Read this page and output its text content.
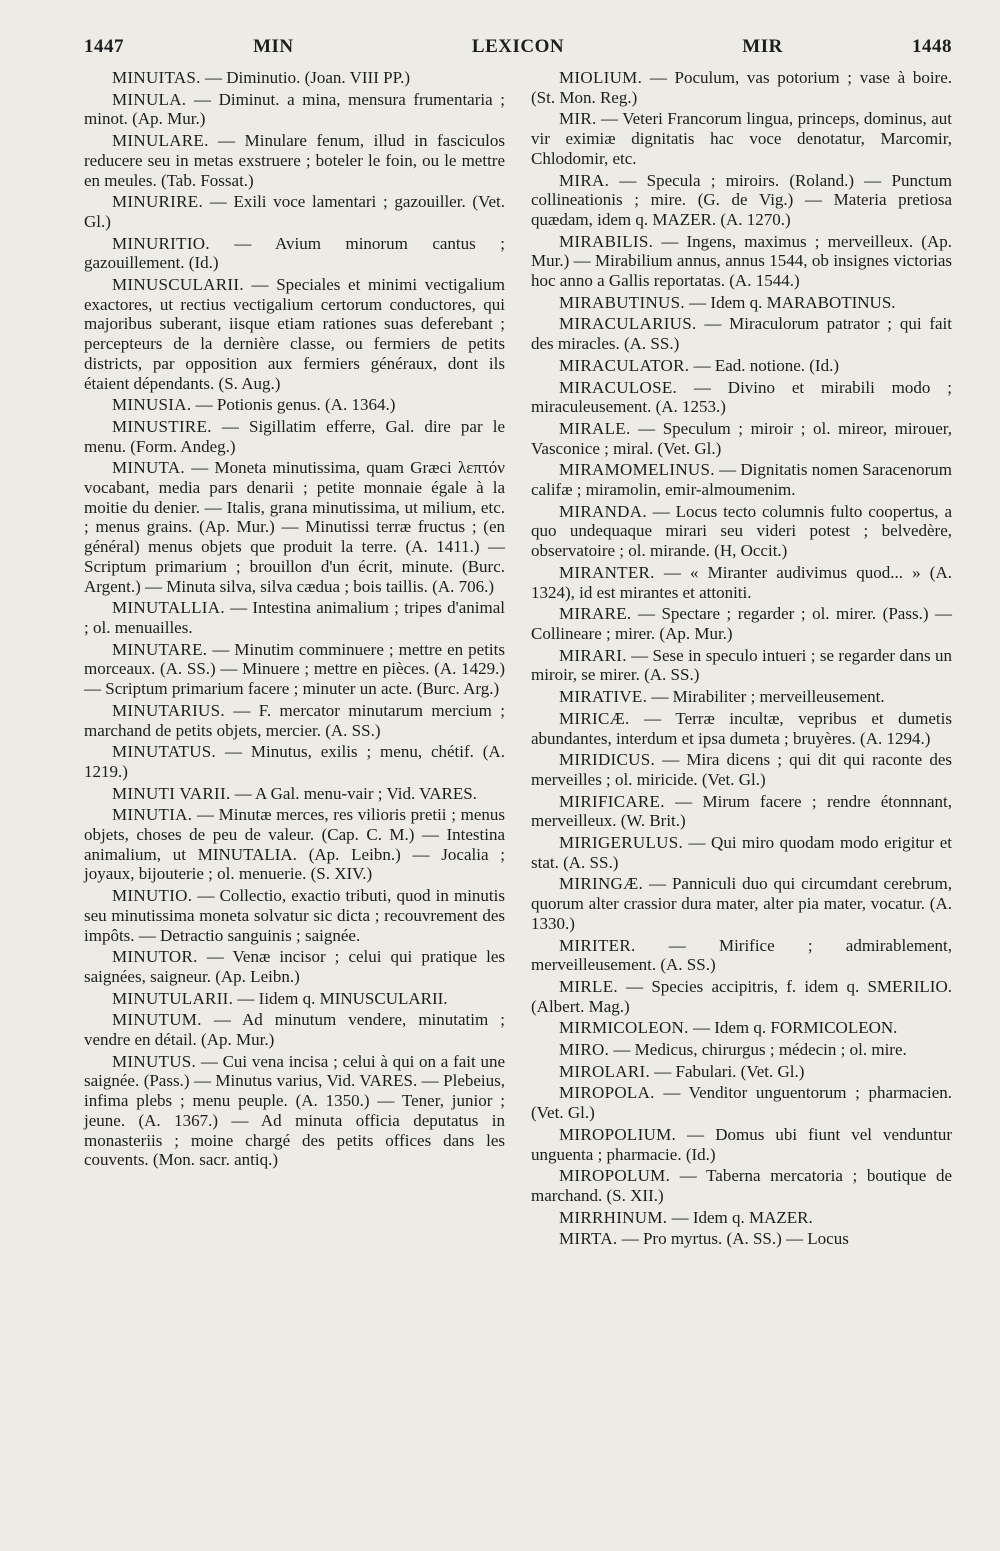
1447	MIN	LEXICON	MIR	1448

MINUITAS. — Diminutio. (Joan. VIII PP.)

MINULA. — Diminut. a mina, mensura frumentaria ; minot. (Ap. Mur.)

MINULARE. — Minulare fenum, illud in fasciculos reducere seu in metas exstruere ; boteler le foin, ou le mettre en meules. (Tab. Fossat.)

MINURIRE. — Exili voce lamentari ; gazouiller. (Vet. Gl.)

MINURITIO. — Avium minorum cantus ; gazouillement. (Id.)

MINUSCULARII. — Speciales et minimi vectigalium exactores, ut rectius vectigalium certorum conductores, qui majoribus suberant, iisque etiam rationes suas deferebant ; percepteurs de la dernière classe, ou fermiers de petits districts, par opposition aux fermiers généraux, dont ils étaient dépendants. (S. Aug.)

MINUSIA. — Potionis genus. (A. 1364.)

MINUSTIRE. — Sigillatim efferre, Gal. dire par le menu. (Form. Andeg.)

MINUTA. — Moneta minutissima, quam Græci λεπτόν vocabant, media pars denarii ; petite monnaie égale à la moitie du denier. — Italis, grana minutissima, ut milium, etc. ; menus grains. (Ap. Mur.) — Minutissi terræ fructus ; (en général) menus objets que produit la terre. (A. 1411.) — Scriptum primarium ; brouillon d'un écrit, minute. (Burc. Argent.) — Minuta silva, silva cædua ; bois taillis. (A. 706.)

MINUTALLIA. — Intestina animalium ; tripes d'animal ; ol. menuailles.

MINUTARE. — Minutim comminuere ; mettre en petits morceaux. (A. SS.) — Minuere ; mettre en pièces. (A. 1429.) — Scriptum primarium facere ; minuter un acte. (Burc. Arg.)

MINUTARIUS. — F. mercator minutarum mercium ; marchand de petits objets, mercier. (A. SS.)

MINUTATUS. — Minutus, exilis ; menu, chétif. (A. 1219.)

MINUTI VARII. — A Gal. menu-vair ; Vid. VARES.

MINUTIA. — Minutæ merces, res vilioris pretii ; menus objets, choses de peu de valeur. (Cap. C. M.) — Intestina animalium, ut MINUTALIA. (Ap. Leibn.) — Jocalia ; joyaux, bijouterie ; ol. menuerie. (S. XIV.)

MINUTIO. — Collectio, exactio tributi, quod in minutis seu minutissima moneta solvatur sic dicta ; recouvrement des impôts. — Detractio sanguinis ; saignée.

MINUTOR. — Venæ incisor ; celui qui pratique les saignées, saigneur. (Ap. Leibn.)

MINUTULARII. — Iidem q. MINUSCULARII.

MINUTUM. — Ad minutum vendere, minutatim ; vendre en détail. (Ap. Mur.)

MINUTUS. — Cui vena incisa ; celui à qui on a fait une saignée. (Pass.) — Minutus varius, Vid. VARES. — Plebeius, infima plebs ; menu peuple. (A. 1350.) — Tener, junior ; jeune. (A. 1367.) — Ad minuta officia deputatus in monasteriis ; moine chargé des petits offices dans les couvents. (Mon. sacr. antiq.)

MIOLIUM. — Poculum, vas potorium ; vase à boire. (St. Mon. Reg.)

MIR. — Veteri Francorum lingua, princeps, dominus, aut vir eximiæ dignitatis hac voce denotatur, Marcomir, Chlodomir, etc.

MIRA. — Specula ; miroirs. (Roland.) — Punctum collineationis ; mire. (G. de Vig.) — Materia pretiosa quædam, idem q. MAZER. (A. 1270.)

MIRABILIS. — Ingens, maximus ; merveilleux. (Ap. Mur.) — Mirabilium annus, annus 1544, ob insignes victorias hoc anno a Gallis reportatas. (A. 1544.)

MIRABUTINUS. — Idem q. MARABOTINUS.

MIRACULARIUS. — Miraculorum patrator ; qui fait des miracles. (A. SS.)

MIRACULATOR. — Ead. notione. (Id.)

MIRACULOSE. — Divino et mirabili modo ; miraculeusement. (A. 1253.)

MIRALE. — Speculum ; miroir ; ol. mireor, mirouer, Vasconice ; miral. (Vet. Gl.)

MIRAMOMELINUS. — Dignitatis nomen Saracenorum califæ ; miramolin, emir-almoumenim.

MIRANDA. — Locus tecto columnis fulto coopertus, a quo undequaque mirari seu videri potest ; belvedère, observatoire ; ol. mirande. (H, Occit.)

MIRANTER. — « Miranter audivimus quod... » (A. 1324), id est mirantes et attoniti.

MIRARE. — Spectare ; regarder ; ol. mirer. (Pass.) — Collineare ; mirer. (Ap. Mur.)

MIRARI. — Sese in speculo intueri ; se regarder dans un miroir, se mirer. (A. SS.)

MIRATIVE. — Mirabiliter ; merveilleusement.

MIRICÆ. — Terræ incultæ, vepribus et dumetis abundantes, interdum et ipsa dumeta ; bruyères. (A. 1294.)

MIRIDICUS. — Mira dicens ; qui dit qui raconte des merveilles ; ol. miricide. (Vet. Gl.)

MIRIFICARE. — Mirum facere ; rendre étonnnant, merveilleux. (W. Brit.)

MIRIGERULUS. — Qui miro quodam modo erigitur et stat. (A. SS.)

MIRINGÆ. — Panniculi duo qui circumdant cerebrum, quorum alter crassior dura mater, alter pia mater, vocatur. (A. 1330.)

MIRITER. — Mirifice ; admirablement, merveilleusement. (A. SS.)

MIRLE. — Species accipitris, f. idem q. SMERILIO. (Albert. Mag.)

MIRMICOLEON. — Idem q. FORMICOLEON.

MIRO. — Medicus, chirurgus ; médecin ; ol. mire.

MIROLARI. — Fabulari. (Vet. Gl.)

MIROPOLA. — Venditor unguentorum ; pharmacien. (Vet. Gl.)

MIROPOLIUM. — Domus ubi fiunt vel venduntur unguenta ; pharmacie. (Id.)

MIROPOLUM. — Taberna mercatoria ; boutique de marchand. (S. XII.)

MIRRHINUM. — Idem q. MAZER.

MIRTA. — Pro myrtus. (A. SS.) — Locus
